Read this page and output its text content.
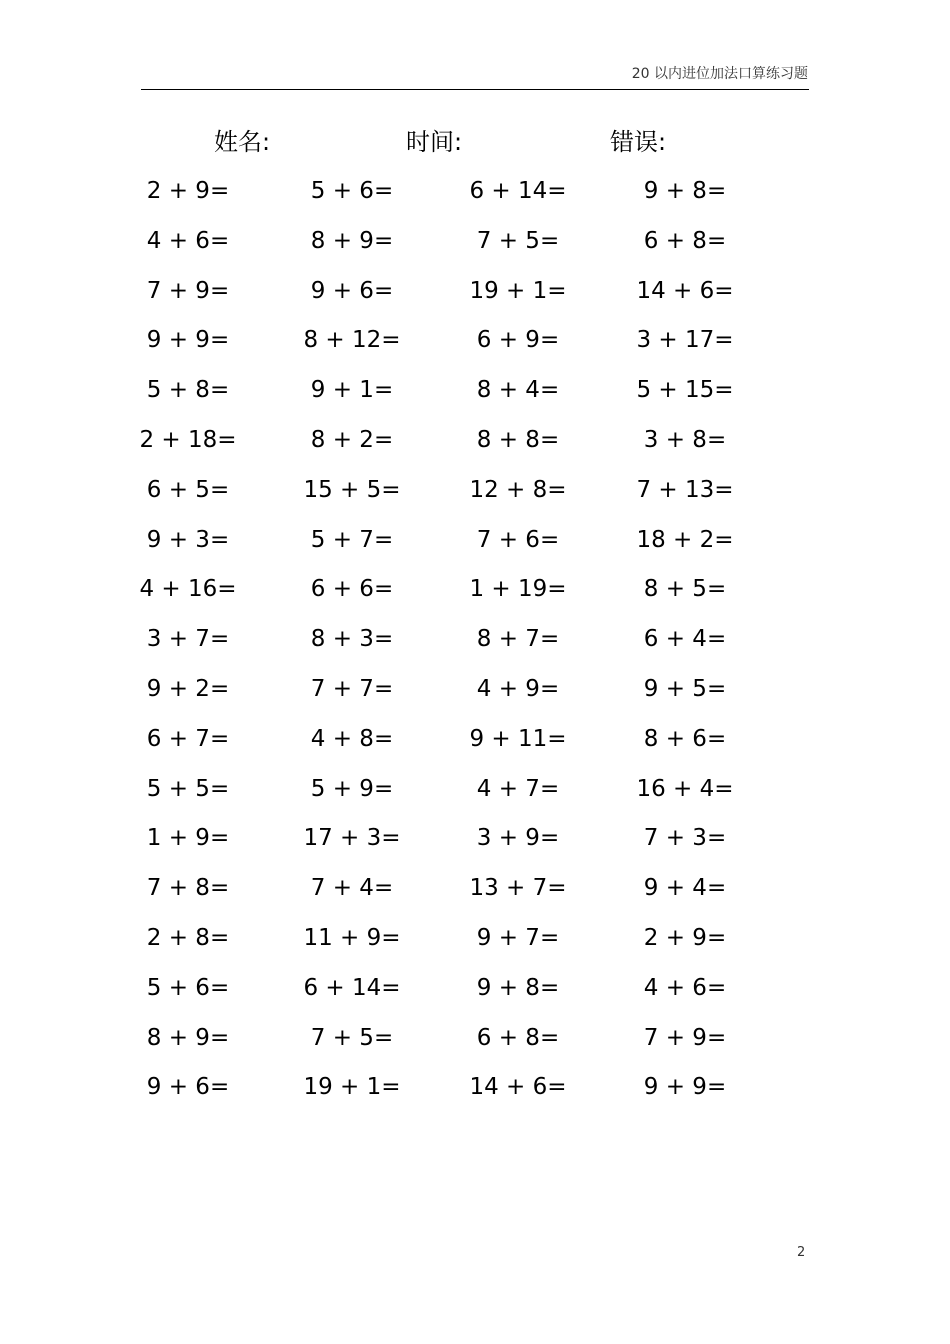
20 以内进位加法口算练习题
姓名:	时间:	错误:
2 + 9=	5 + 6=	6 + 14=	9 + 8=
4 + 6=	8 + 9=	7 + 5=	6 + 8=
7 + 9=	9 + 6=	19 + 1=	14 + 6=
9 + 9=	8 + 12=	6 + 9=	3 + 17=
5 + 8=	9 + 1=	8 + 4=	5 + 15=
2 + 18=	8 + 2=	8 + 8=	3 + 8=
6 + 5=	15 + 5=	12 + 8=	7 + 13=
9 + 3=	5 + 7=	7 + 6=	18 + 2=
4 + 16=	6 + 6=	1 + 19=	8 + 5=
3 + 7=	8 + 3=	8 + 7=	6 + 4=
9 + 2=	7 + 7=	4 + 9=	9 + 5=
6 + 7=	4 + 8=	9 + 11=	8 + 6=
5 + 5=	5 + 9=	4 + 7=	16 + 4=
1 + 9=	17 + 3=	3 + 9=	7 + 3=
7 + 8=	7 + 4=	13 + 7=	9 + 4=
2 + 8=	11 + 9=	9 + 7=	2 + 9=
5 + 6=	6 + 14=	9 + 8=	4 + 6=
8 + 9=	7 + 5=	6 + 8=	7 + 9=
9 + 6=	19 + 1=	14 + 6=	9 + 9=
2
